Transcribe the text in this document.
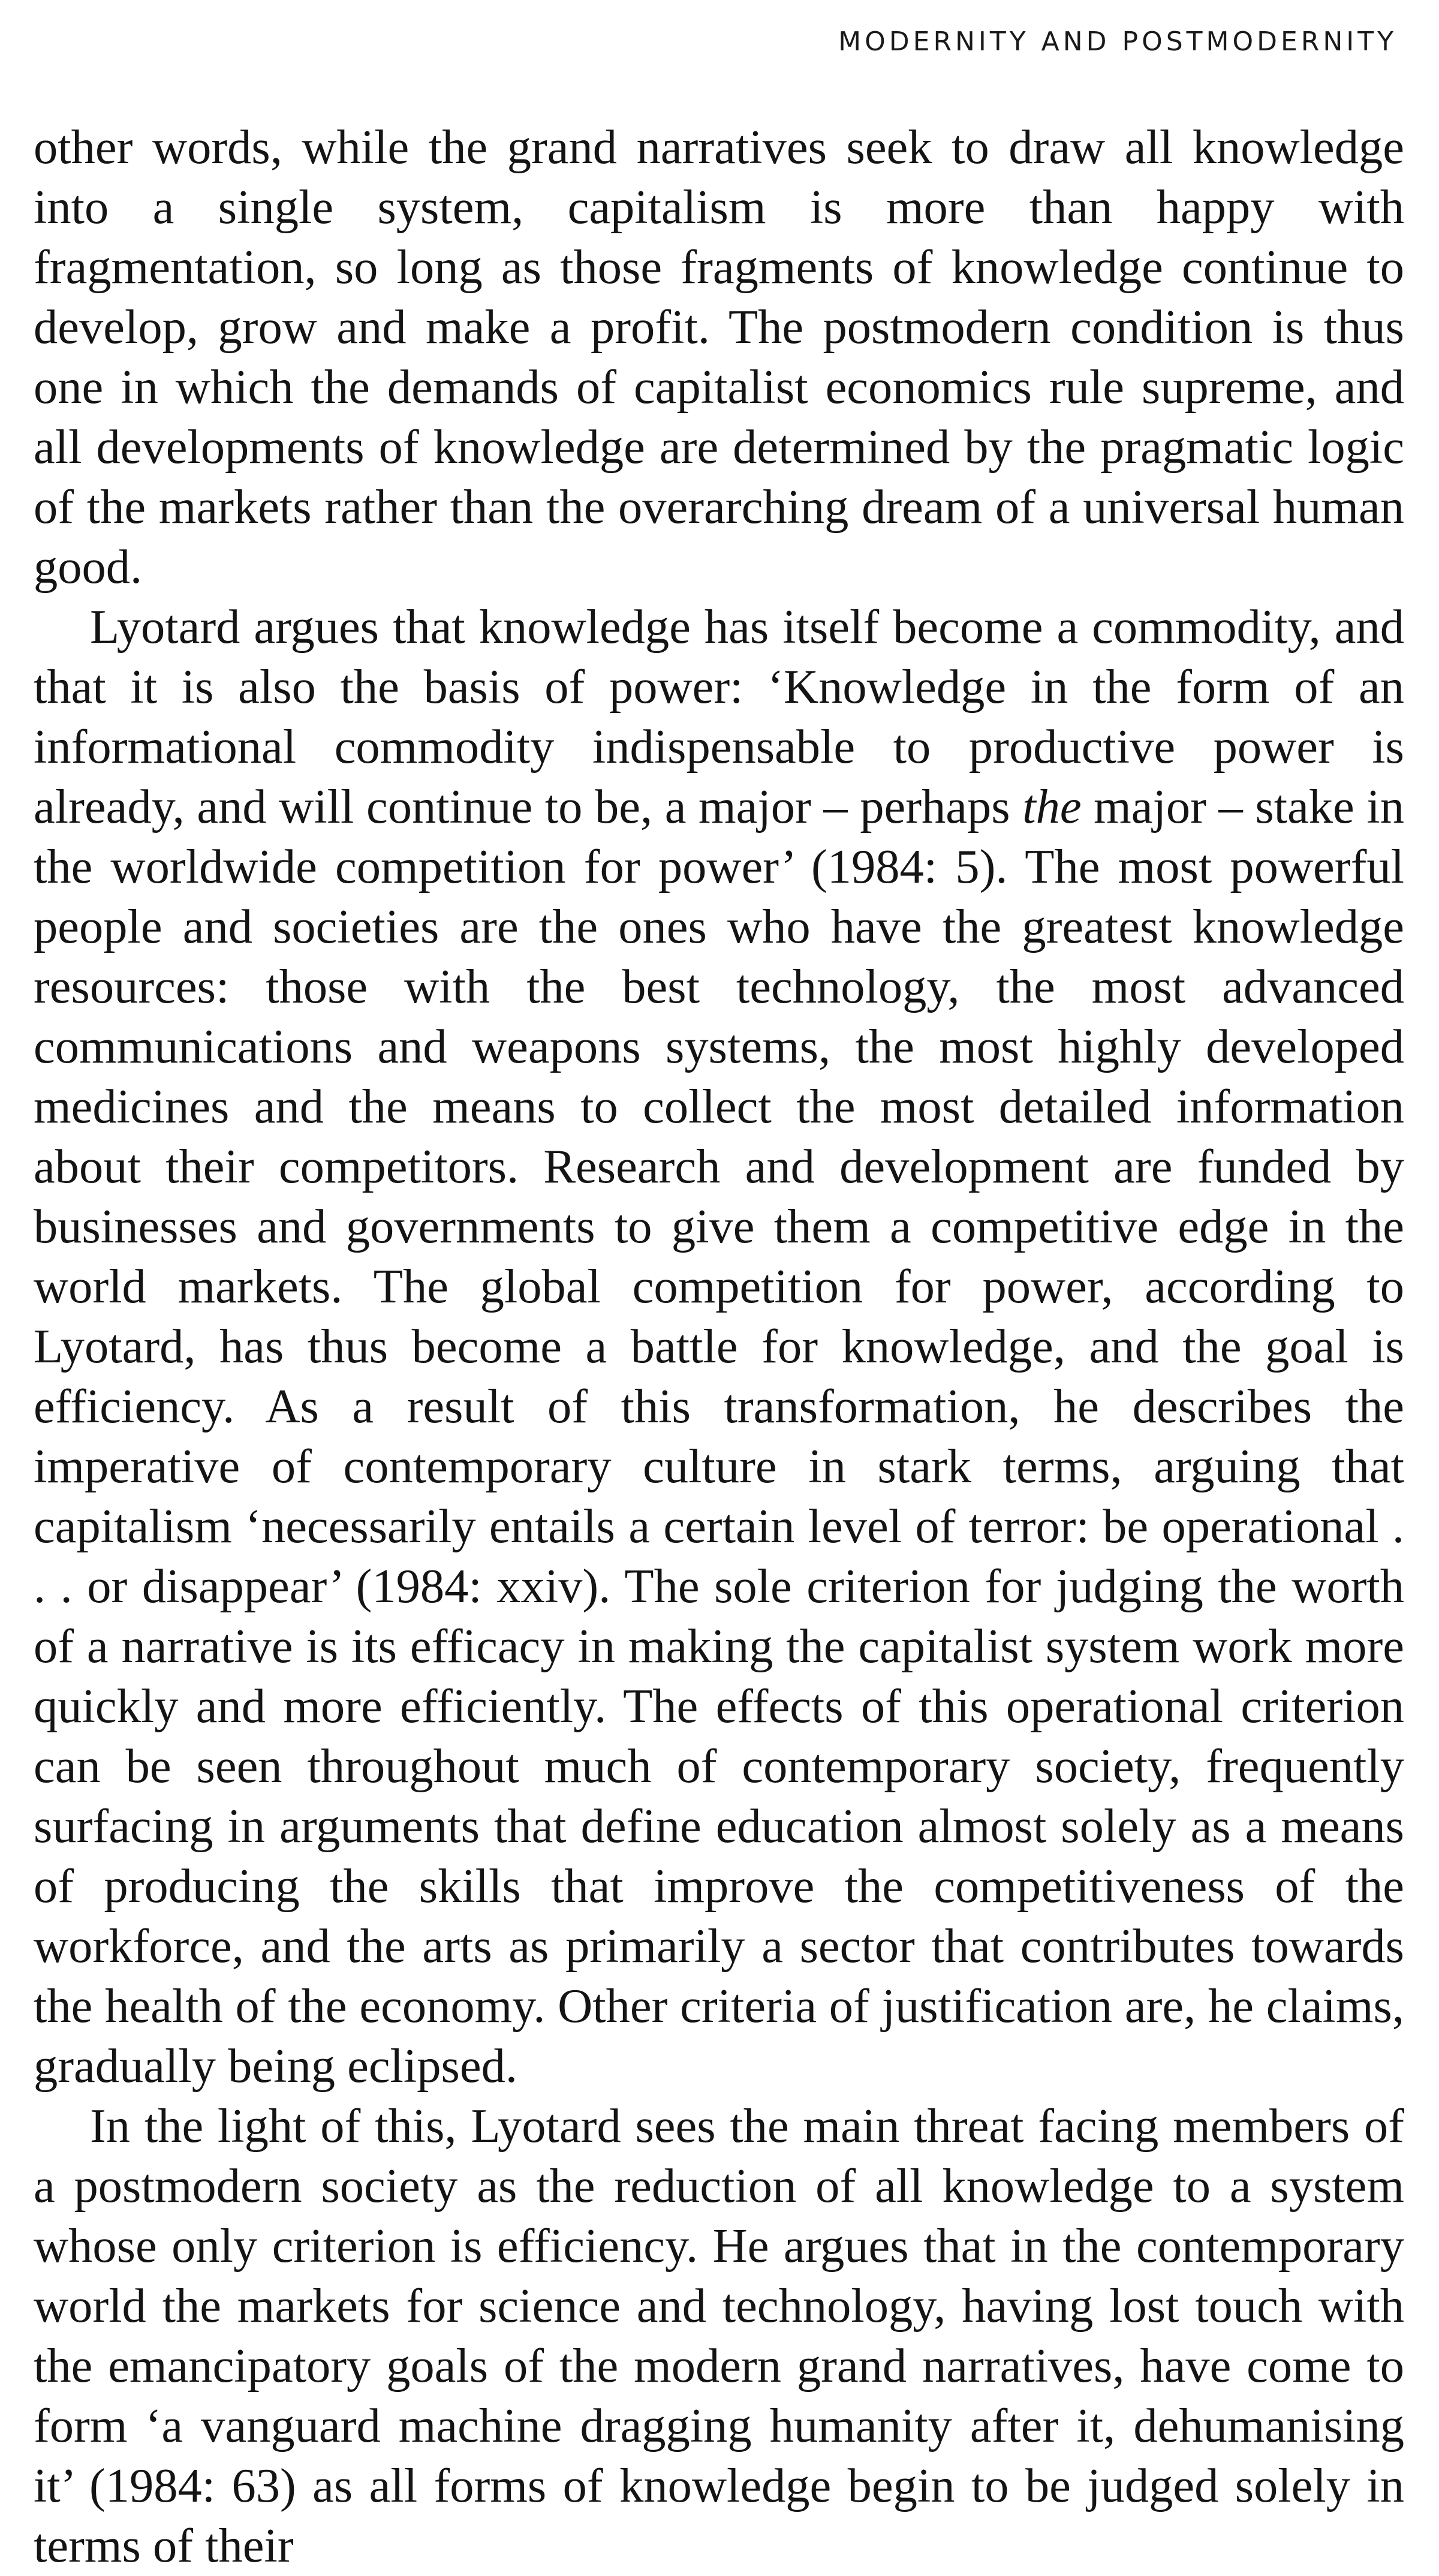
MODERNITY AND POSTMODERNITY

other words, while the grand narratives seek to draw all knowledge into a single system, capitalism is more than happy with fragmentation, so long as those fragments of knowledge continue to develop, grow and make a profit. The postmodern condition is thus one in which the demands of capitalist economics rule supreme, and all developments of knowledge are determined by the pragmatic logic of the markets rather than the overarching dream of a universal human good.

Lyotard argues that knowledge has itself become a commodity, and that it is also the basis of power: ‘Knowledge in the form of an informational commodity indispensable to productive power is already, and will continue to be, a major – perhaps the major – stake in the worldwide competition for power’ (1984: 5). The most powerful people and societies are the ones who have the greatest knowledge resources: those with the best technology, the most advanced communications and weapons systems, the most highly developed medicines and the means to collect the most detailed information about their competitors. Research and development are funded by businesses and governments to give them a competitive edge in the world markets. The global competition for power, according to Lyotard, has thus become a battle for knowledge, and the goal is efficiency. As a result of this transformation, he describes the imperative of contemporary culture in stark terms, arguing that capitalism ‘necessarily entails a certain level of terror: be operational . . . or disappear’ (1984: xxiv). The sole criterion for judging the worth of a narrative is its efficacy in making the capitalist system work more quickly and more efficiently. The effects of this operational criterion can be seen throughout much of contemporary society, frequently surfacing in arguments that define education almost solely as a means of producing the skills that improve the competitiveness of the workforce, and the arts as primarily a sector that contributes towards the health of the economy. Other criteria of justification are, he claims, gradually being eclipsed.

In the light of this, Lyotard sees the main threat facing members of a postmodern society as the reduction of all knowledge to a system whose only criterion is efficiency. He argues that in the contemporary world the markets for science and technology, having lost touch with the emancipatory goals of the modern grand narratives, have come to form ‘a vanguard machine dragging humanity after it, dehumanising it’ (1984: 63) as all forms of knowledge begin to be judged solely in terms of their
